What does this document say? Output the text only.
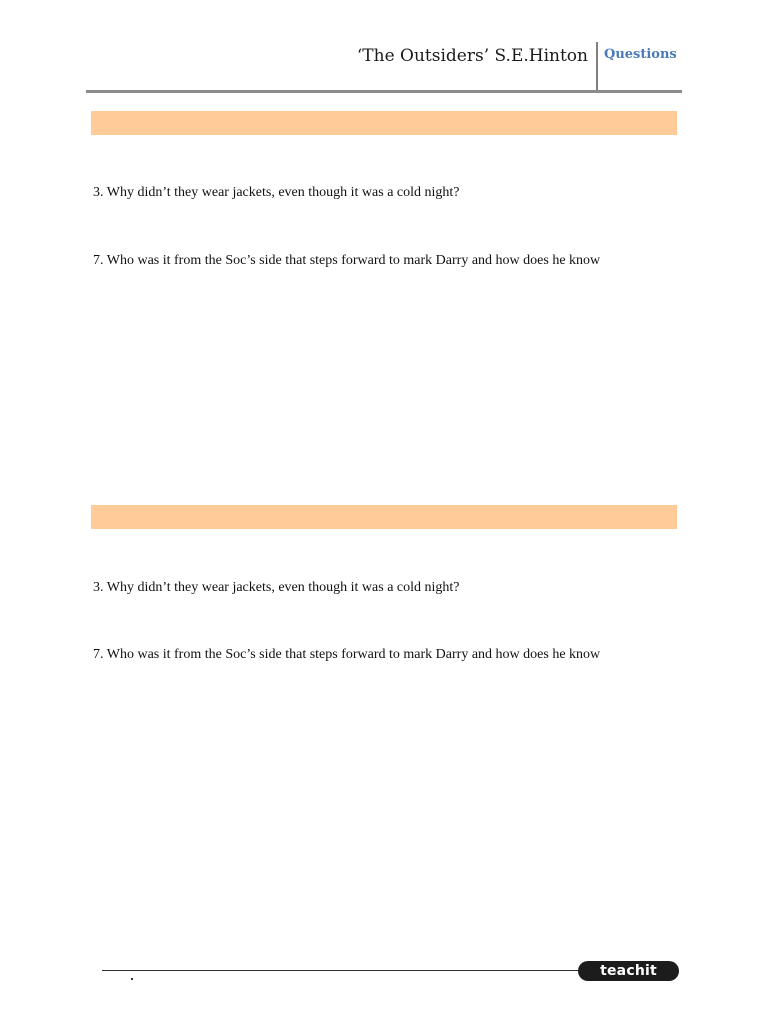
‘The Outsiders’ S.E.Hinton Questions
3. Why didn’t they wear jackets, even though it was a cold night?
7. Who was it from the Soc’s side that steps forward to mark Darry and how does he know
3. Why didn’t they wear jackets, even though it was a cold night?
7. Who was it from the Soc’s side that steps forward to mark Darry and how does he know
teachit
